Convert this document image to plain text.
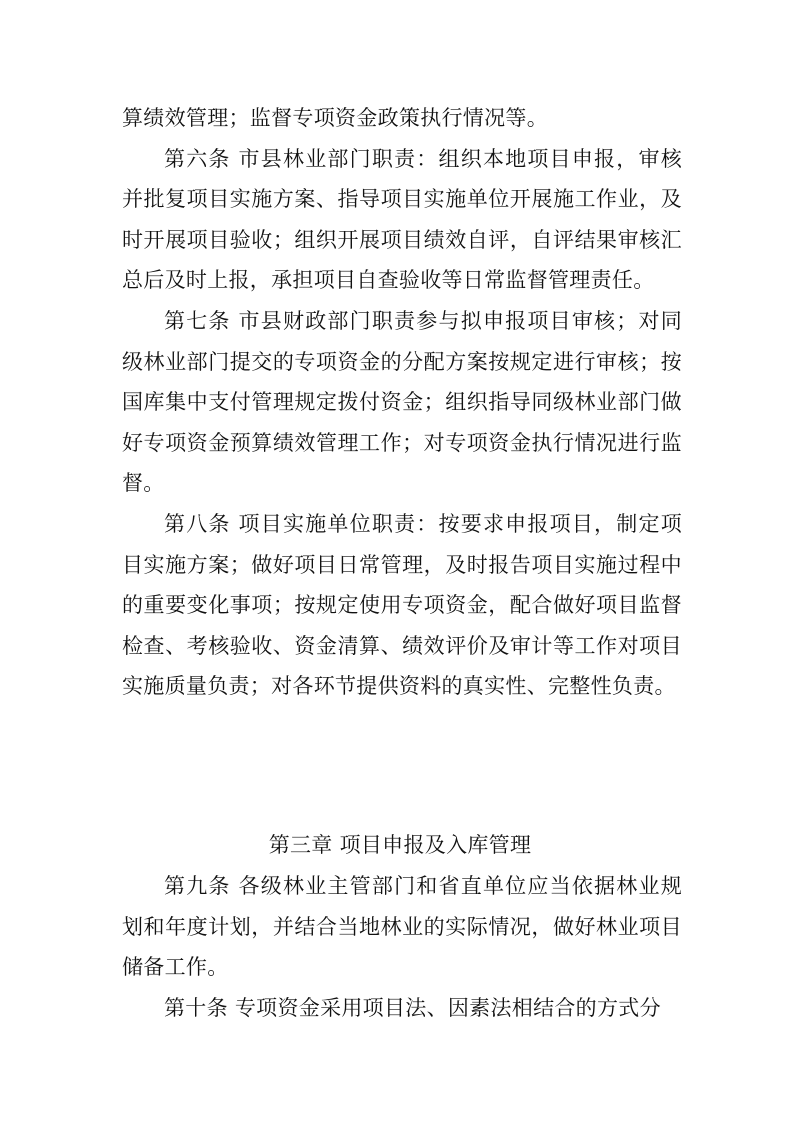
算绩效管理；监督专项资金政策执行情况等。

第六条 市县林业部门职责：组织本地项目申报，审核并批复项目实施方案、指导项目实施单位开展施工作业，及时开展项目验收；组织开展项目绩效自评，自评结果审核汇总后及时上报，承担项目自查验收等日常监督管理责任。

第七条 市县财政部门职责参与拟申报项目审核；对同级林业部门提交的专项资金的分配方案按规定进行审核；按国库集中支付管理规定拨付资金；组织指导同级林业部门做好专项资金预算绩效管理工作；对专项资金执行情况进行监督。

第八条 项目实施单位职责：按要求申报项目，制定项目实施方案；做好项目日常管理，及时报告项目实施过程中的重要变化事项；按规定使用专项资金，配合做好项目监督检查、考核验收、资金清算、绩效评价及审计等工作对项目实施质量负责；对各环节提供资料的真实性、完整性负责。

第三章 项目申报及入库管理

第九条 各级林业主管部门和省直单位应当依据林业规划和年度计划，并结合当地林业的实际情况，做好林业项目储备工作。

第十条 专项资金采用项目法、因素法相结合的方式分
